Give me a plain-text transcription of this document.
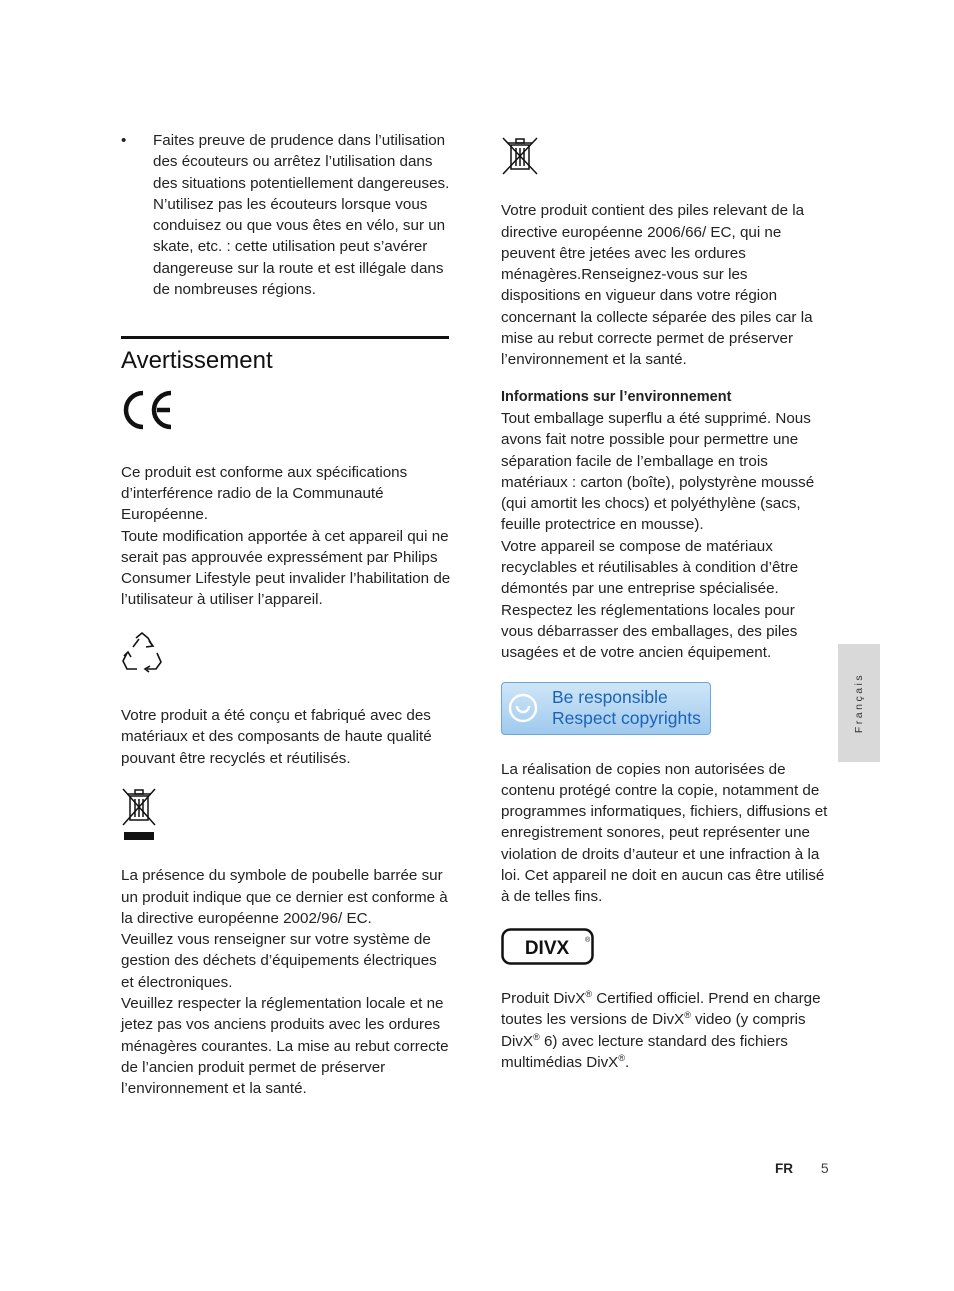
• Faites preuve de prudence dans l’utilisation des écouteurs ou arrêtez l’utilisation dans des situations potentiellement dangereuses. N’utilisez pas les écouteurs lorsque vous conduisez ou que vous êtes en vélo, sur un skate, etc. : cette utilisation peut s’avérer dangereuse sur la route et est illégale dans de nombreuses régions.

Avertissement

Ce produit est conforme aux spécifications d’interférence radio de la Communauté Européenne.

Toute modification apportée à cet appareil qui ne serait pas approuvée expressément par Philips Consumer Lifestyle peut invalider l’habilitation de l’utilisateur à utiliser l’appareil.

Votre produit a été conçu et fabriqué avec des matériaux et des composants de haute qualité pouvant être recyclés et réutilisés.

La présence du symbole de poubelle barrée sur un produit indique que ce dernier est conforme à la directive européenne 2002/96/ EC.

Veuillez vous renseigner sur votre système de gestion des déchets d’équipements électriques et électroniques.

Veuillez respecter la réglementation locale et ne jetez pas vos anciens produits avec les ordures ménagères courantes. La mise au rebut correcte de l’ancien produit permet de préserver l’environnement et la santé.

Votre produit contient des piles relevant de la directive européenne 2006/66/ EC, qui ne peuvent être jetées avec les ordures ménagères.Renseignez-vous sur les dispositions en vigueur dans votre région concernant la collecte séparée des piles car la mise au rebut correcte permet de préserver l’environnement et la santé.

Informations sur l’environnement

Tout emballage superflu a été supprimé. Nous avons fait notre possible pour permettre une séparation facile de l’emballage en trois matériaux : carton (boîte), polystyrène moussé (qui amortit les chocs) et polyéthylène (sacs, feuille protectrice en mousse).

Votre appareil se compose de matériaux recyclables et réutilisables à condition d’être démontés par une entreprise spécialisée.

Respectez les réglementations locales pour vous débarrasser des emballages, des piles usagées et de votre ancien équipement.

Be responsible
Respect copyrights

La réalisation de copies non autorisées de contenu protégé contre la copie, notamment de programmes informatiques, fichiers, diffusions et enregistrement sonores, peut représenter une violation de droits d’auteur et une infraction à la loi. Cet appareil ne doit en aucun cas être utilisé à de telles fins.

DIVX ®

Produit DivX® Certified officiel. Prend en charge toutes les versions de DivX® video (y compris DivX® 6) avec lecture standard des fichiers multimédias DivX®.

Français
FR 5
